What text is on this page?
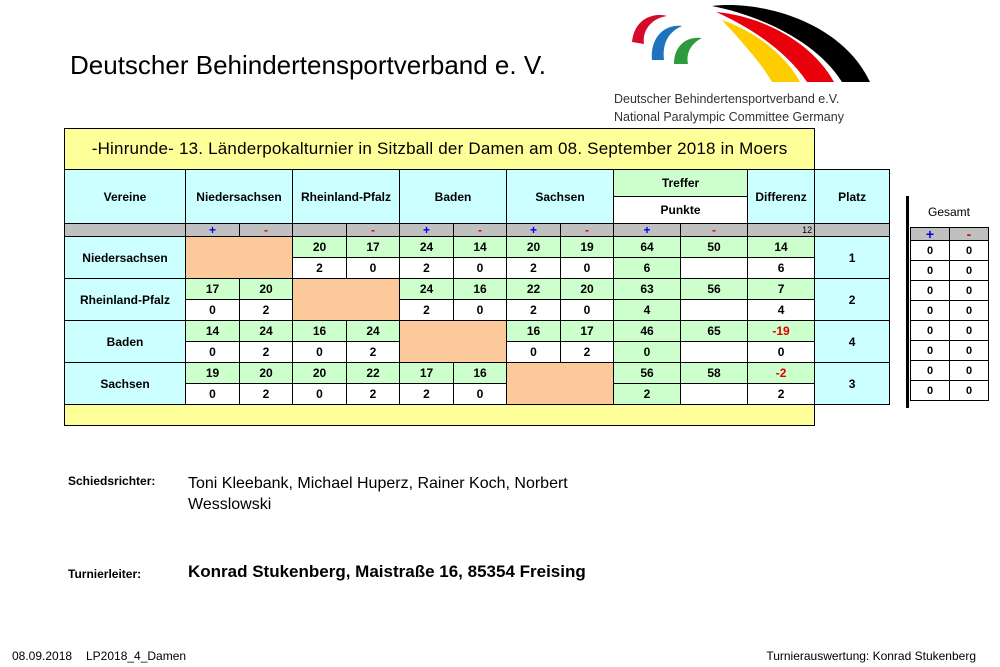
Deutscher Behindertensportverband e. V.
Deutscher Behindertensportverband e.V.
National Paralympic Committee Germany
-Hinrunde- 13. Länderpokalturnier in Sitzball der Damen am 08. September 2018 in Moers												
Vereine	Niedersachsen		Rheinland-Pfalz		Baden		Sachsen		Treffer		Differenz	Platz
									Punkte			
	+	-		-	+	-	+	-	+	-	12	
Niedersachsen			20	17	24	14	20	19	64	50	14	1
			2	0	2	0	2	0	6		6	
Rheinland-Pfalz	17	20			24	16	22	20	63	56	7	2
	0	2			2	0	2	0	4		4	
Baden	14	24	16	24			16	17	46	65	-19	4
	0	2	0	2			0	2	0		0	
Sachsen	19	20	20	22	17	16			56	58	-2	3
	0	2	0	2	2	0			2		2	

Gesamt
+	-
0	0
0	0
0	0
0	0
0	0
0	0
0	0
0	0
Schiedsrichter: Toni Kleebank, Michael Huperz, Rainer Koch, Norbert Wesslowski
Turnierleiter:	Konrad Stukenberg, Maistraße 16, 85354 Freising
08.09.2018 LP2018_4_Damen	Turnierauswertung: Konrad Stukenberg
